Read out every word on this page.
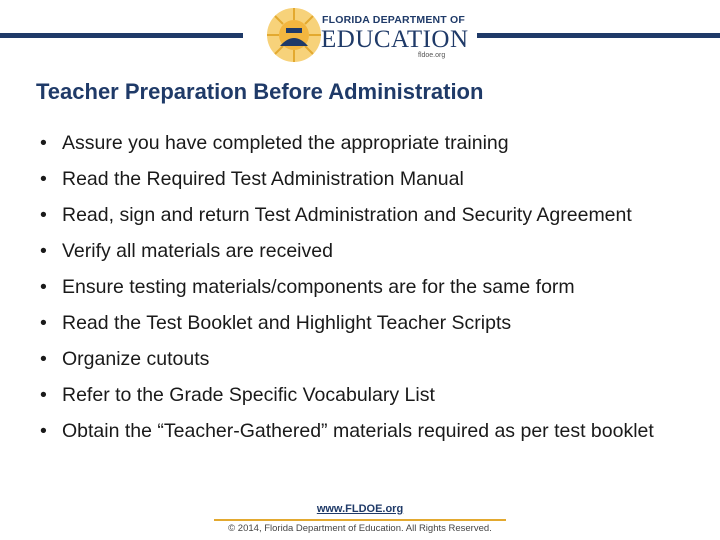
FLORIDA DEPARTMENT OF
EDUCATION
fldoe.org
Teacher Preparation Before Administration
• Assure you have completed the appropriate training
• Read the Required Test Administration Manual
• Read, sign and return Test Administration and Security Agreement
• Verify all materials are received
• Ensure testing materials/components are for the same form
• Read the Test Booklet and Highlight Teacher Scripts
• Organize cutouts
• Refer to the Grade Specific Vocabulary List
• Obtain the “Teacher-Gathered” materials required as per test booklet
www.FLDOE.org
© 2014, Florida Department of Education. All Rights Reserved.
